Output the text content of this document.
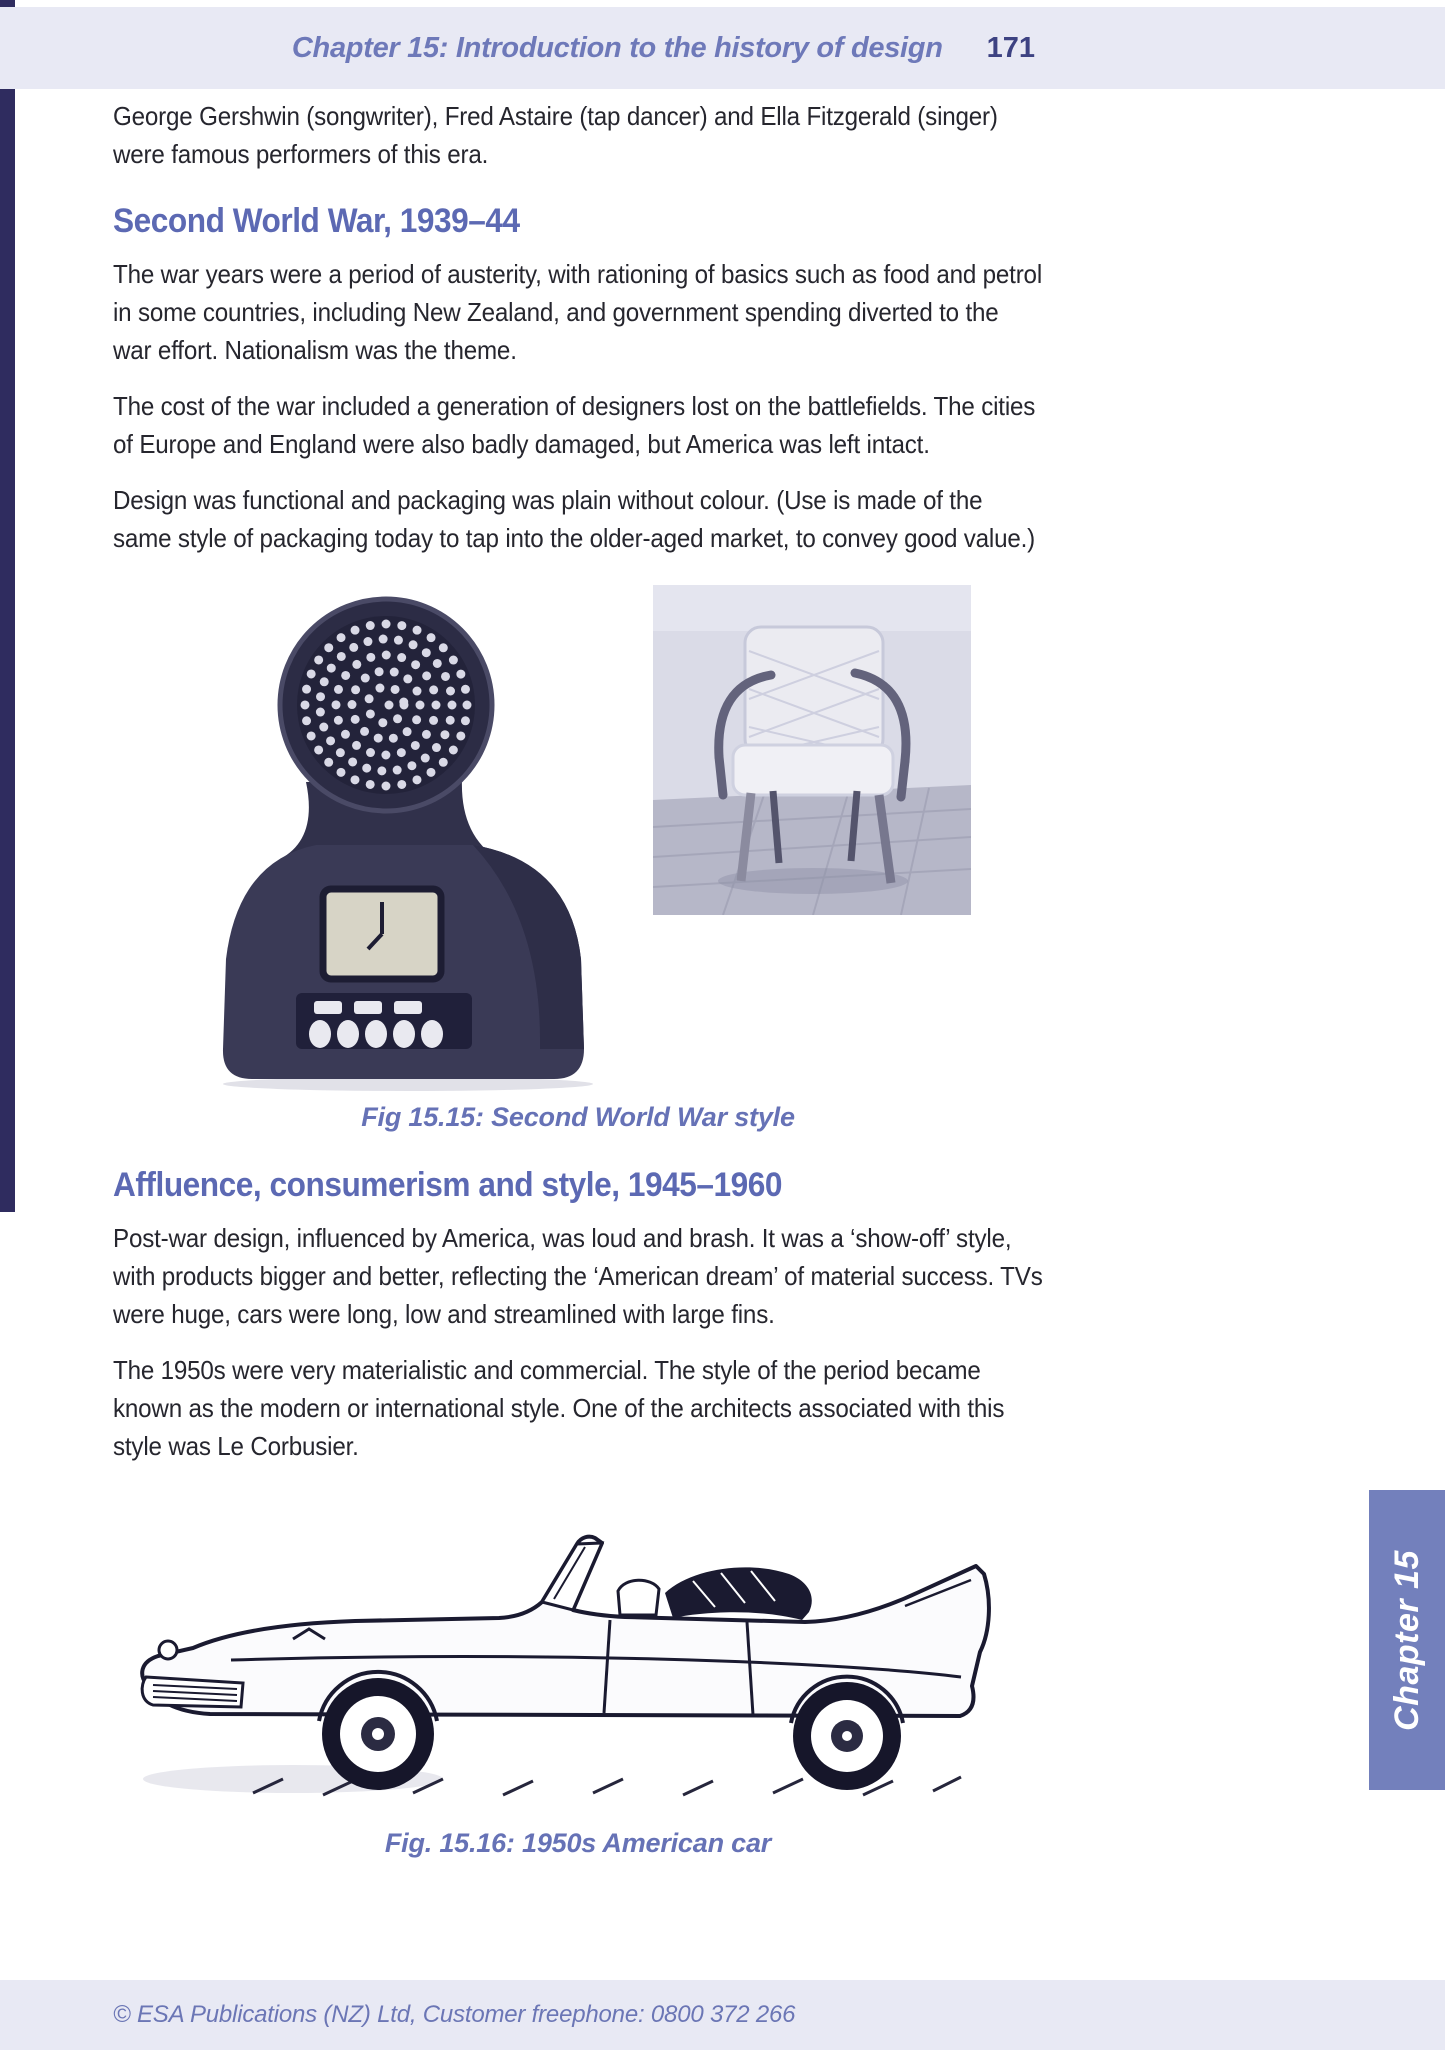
Chapter 15: Introduction to the history of design 171

George Gershwin (songwriter), Fred Astaire (tap dancer) and Ella Fitzgerald (singer) were famous performers of this era.

Second World War, 1939–44

The war years were a period of austerity, with rationing of basics such as food and petrol in some countries, including New Zealand, and government spending diverted to the war effort. Nationalism was the theme.

The cost of the war included a generation of designers lost on the battlefields. The cities of Europe and England were also badly damaged, but America was left intact.

Design was functional and packaging was plain without colour. (Use is made of the same style of packaging today to tap into the older-aged market, to convey good value.)

Fig 15.15: Second World War style
Affluence, consumerism and style, 1945–1960

Post-war design, influenced by America, was loud and brash. It was a ‘show-off’ style, with products bigger and better, reflecting the ‘American dream’ of material success. TVs were huge, cars were long, low and streamlined with large fins.

The 1950s were very materialistic and commercial. The style of the period became known as the modern or international style. One of the architects associated with this style was Le Corbusier.

Fig. 15.16: 1950s American car
Chapter 15
© ESA Publications (NZ) Ltd, Customer freephone: 0800 372 266
